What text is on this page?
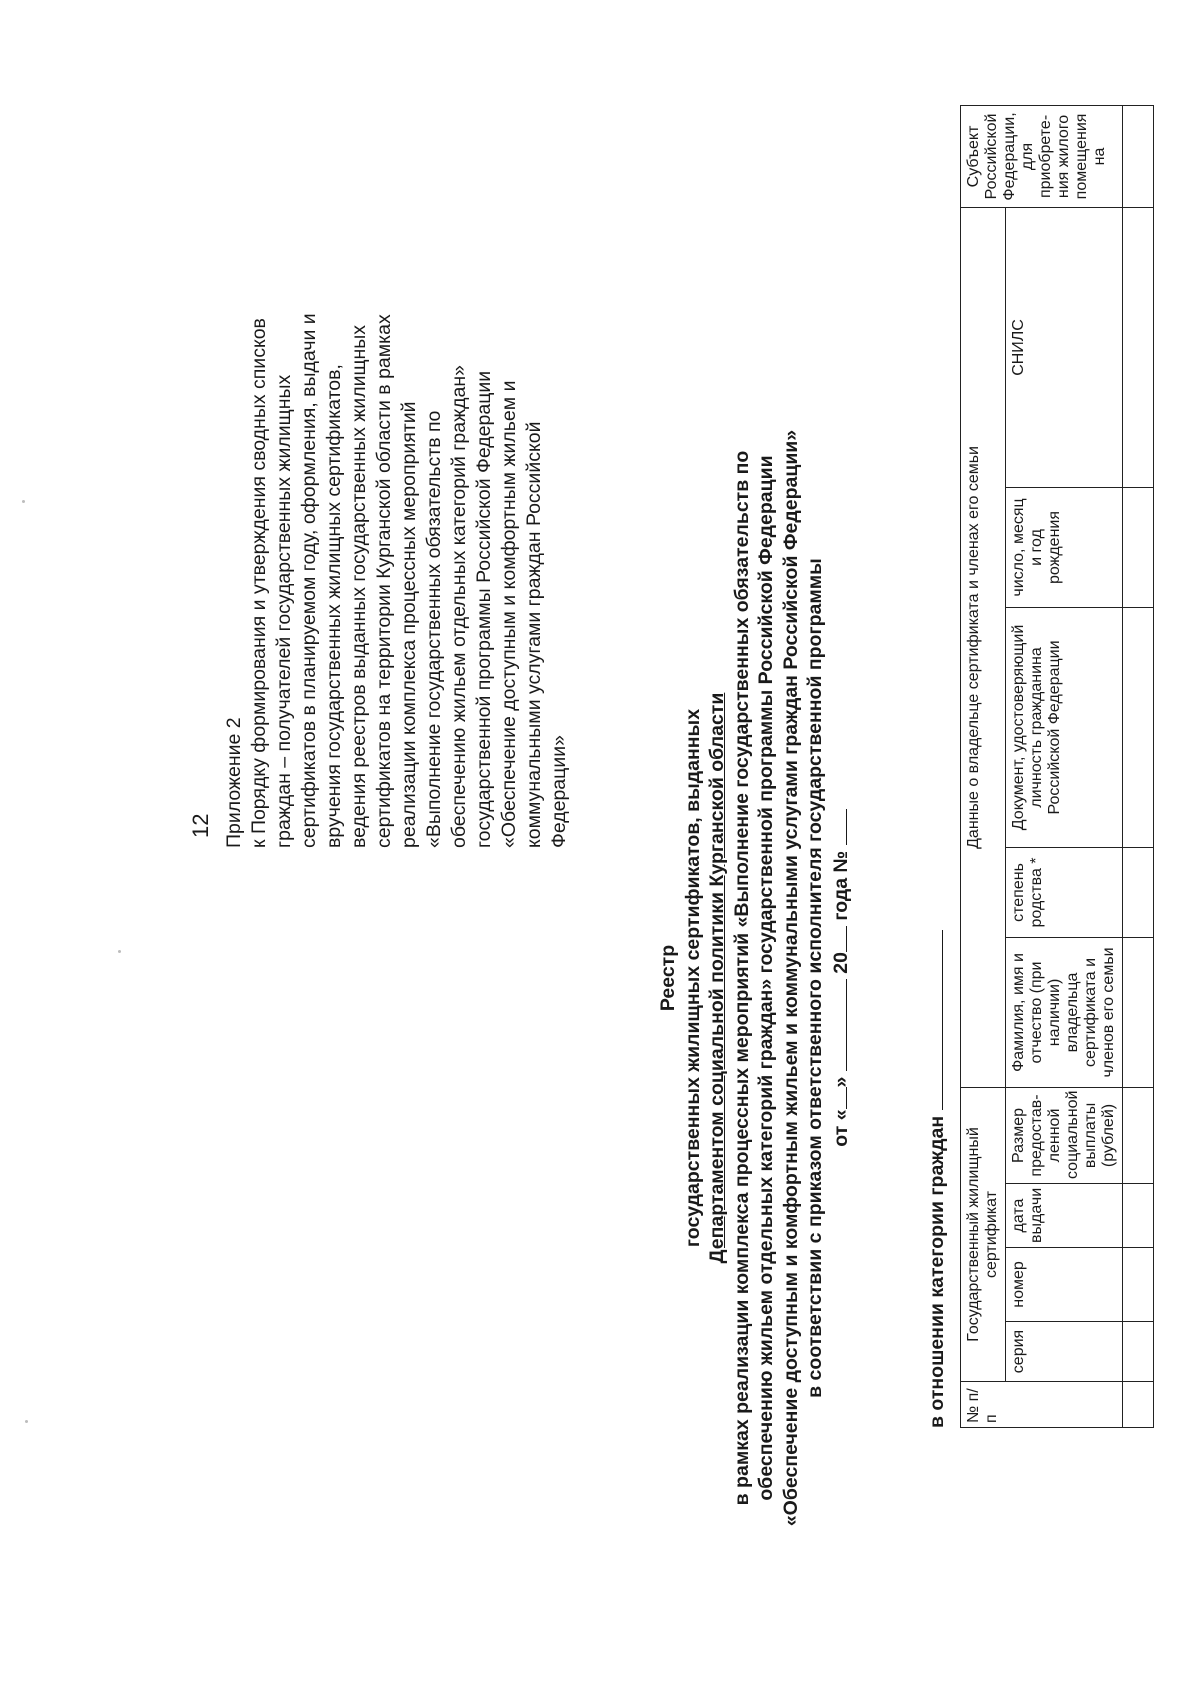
12 Приложение 2 к Порядку формирования и утверждения сводных списков граждан – получателей государственных жилищных сертификатов в планируемом году, оформления, выдачи и вручения государственных жилищных сертификатов, ведения реестров выданных государственных жилищных сертификатов на территории Курганской области в рамках реализации комплекса процессных мероприятий «Выполнение государственных обязательств по обеспечению жильем отдельных категорий граждан» государственной программы Российской Федерации «Обеспечение доступным и комфортным жильем и коммунальными услугами граждан Российской Федерации»
Реестр государственных жилищных сертификатов, выданных Департаментом социальной политики Курганской области в рамках реализации комплекса процессных мероприятий «Выполнение государственных обязательств по обеспечению жильем отдельных категорий граждан» государственной программы Российской Федерации «Обеспечение доступным и комфортным жильем и коммунальными услугами граждан Российской Федерации» в соответствии с приказом ответственного исполнителя государственной программы от «»  20 года №
в отношении категории граждан № п/п	Государственный жилищный сертификат				Данные о владельце сертификата и членах его семьи					Субъект Российской Федерации, для приобрете- ния жилого помещения на
	серия	номер	дата выдачи	Размер предостав- ленной социальной выплаты (рублей)	Фамилия, имя и отчество (при наличии) владельца сертификата и членов его семьи	степень родства *	Документ, удостоверяющий личность гражданина Российской Федерации	число, месяц и год рождения	СНИЛС	
